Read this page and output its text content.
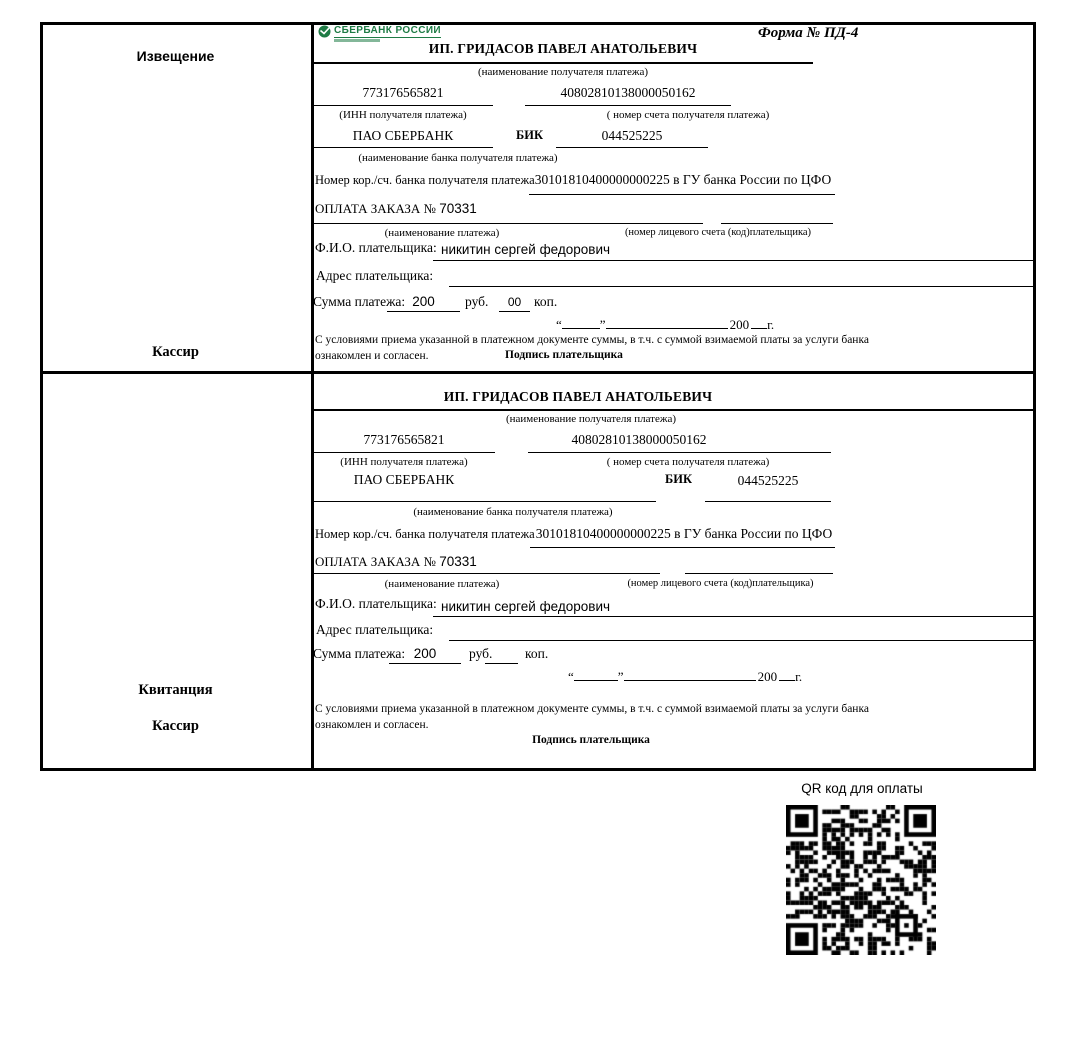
Извещение
Кассир
СБЕРБАНК РОССИИ	Форма № ПД-4
ИП. ГРИДАСОВ ПАВЕЛ АНАТОЛЬЕВИЧ
(наименование получателя платежа)
773176565821	40802810138000050162
(ИНН получателя платежа)	( номер счета получателя платежа)
ПАО СБЕРБАНК	БИК	044525225
(наименование банка получателя платежа)
Номер кор./сч. банка получателя платежа 30101810400000000225 в ГУ банка России по ЦФО
ОПЛАТА ЗАКАЗА № 70331
(наименование платежа)	(номер лицевого счета (код)плательщика)
Ф.И.О. плательщика: никитин сергей федорович
Адрес плательщика:
Сумма платежа: 200	руб.	00 коп.
“	”	200 г.
С условиями приема указанной в платежном документе суммы, в т.ч. с суммой взимаемой платы за услуги банка
ознакомлен и согласен.	Подпись плательщика
Квитанция
Кассир
ИП. ГРИДАСОВ ПАВЕЛ АНАТОЛЬЕВИЧ
(наименование получателя платежа)
773176565821	40802810138000050162
(ИНН получателя платежа)	( номер счета получателя платежа)
ПАО СБЕРБАНК	БИК	044525225
(наименование банка получателя платежа)
Номер кор./сч. банка получателя платежа 30101810400000000225 в ГУ банка России по ЦФО
ОПЛАТА ЗАКАЗА № 70331
(наименование платежа)	(номер лицевого счета (код)плательщика)
Ф.И.О. плательщика: никитин сергей федорович
Адрес плательщика:
Сумма платежа: 200	руб. коп.
“	”	200 г.
С условиями приема указанной в платежном документе суммы, в т.ч. с суммой взимаемой платы за услуги банка
ознакомлен и согласен.
Подпись плательщика
QR код для оплаты
